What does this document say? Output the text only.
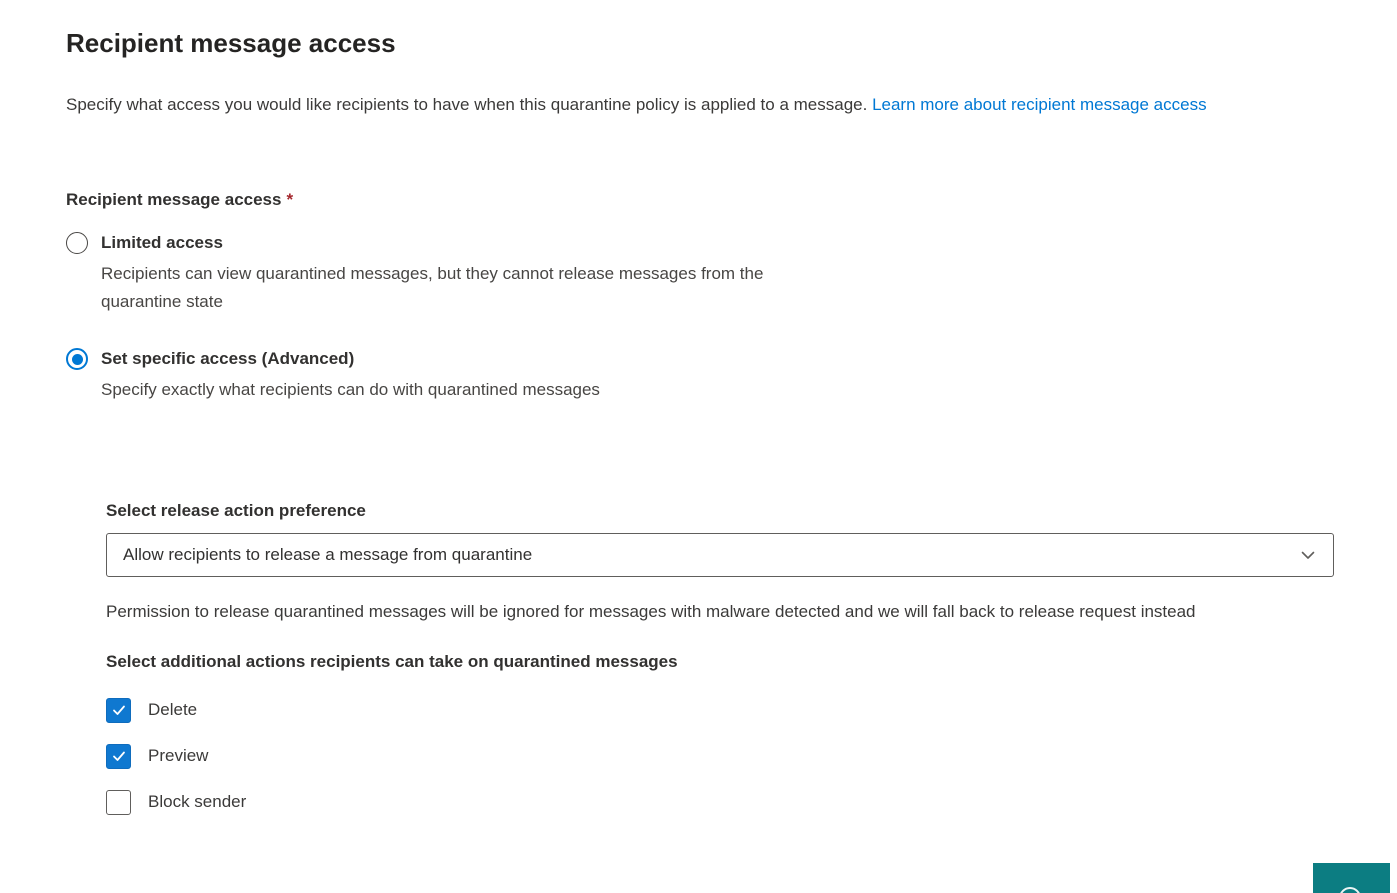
Recipient message access

Specify what access you would like recipients to have when this quarantine policy is applied to a message. Learn more about recipient message access

Recipient message access *
Limited access
Recipients can view quarantined messages, but they cannot release messages from the quarantine state
Set specific access (Advanced)
Specify exactly what recipients can do with quarantined messages
Select release action preference
Allow recipients to release a message from quarantine
Permission to release quarantined messages will be ignored for messages with malware detected and we will fall back to release request instead
Select additional actions recipients can take on quarantined messages
Delete
Preview
Block sender
